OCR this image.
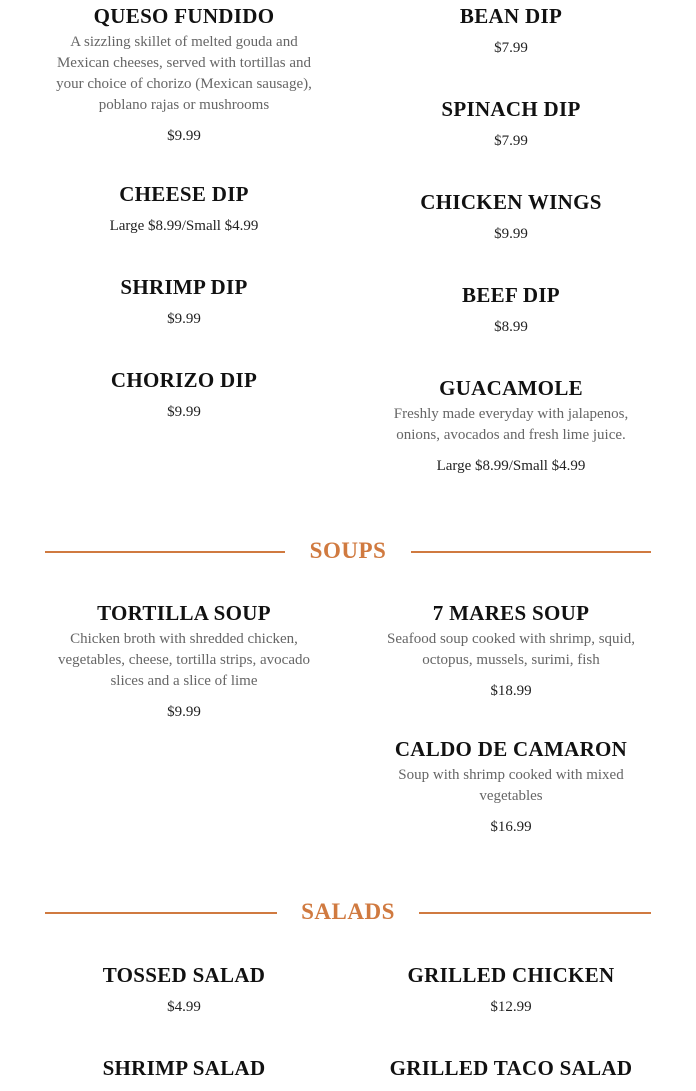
QUESO FUNDIDO
A sizzling skillet of melted gouda and Mexican cheeses, served with tortillas and your choice of chorizo (Mexican sausage), poblano rajas or mushrooms
$9.99
CHEESE DIP
Large $8.99/Small $4.99
SHRIMP DIP
$9.99
CHORIZO DIP
$9.99
BEAN DIP
$7.99
SPINACH DIP
$7.99
CHICKEN WINGS
$9.99
BEEF DIP
$8.99
GUACAMOLE
Freshly made everyday with jalapenos, onions, avocados and fresh lime juice.
Large $8.99/Small $4.99
SOUPS
TORTILLA SOUP
Chicken broth with shredded chicken, vegetables, cheese, tortilla strips, avocado slices and a slice of lime
$9.99
7 MARES SOUP
Seafood soup cooked with shrimp, squid, octopus, mussels, surimi, fish
$18.99
CALDO DE CAMARON
Soup with shrimp cooked with mixed vegetables
$16.99
SALADS
TOSSED SALAD
$4.99
SHRIMP SALAD
GRILLED CHICKEN
$12.99
GRILLED TACO SALAD
